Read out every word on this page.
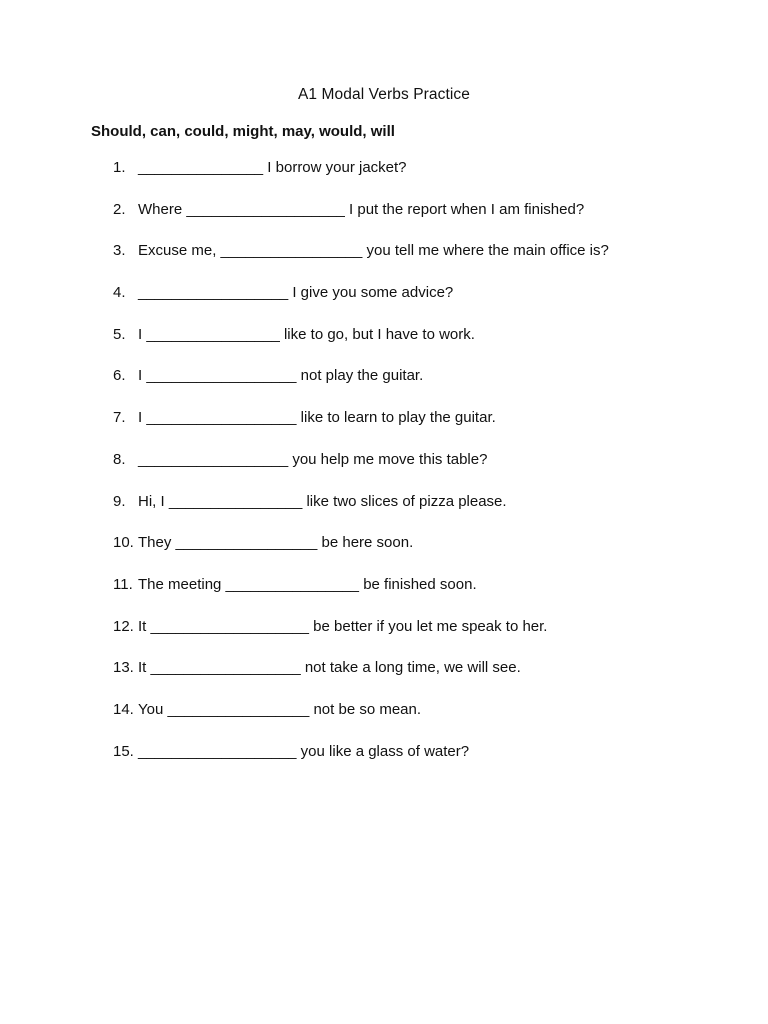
A1 Modal Verbs Practice
Should, can, could, might, may, would, will
1. _______________ I borrow your jacket?
2. Where ___________________ I put the report when I am finished?
3. Excuse me, _________________ you tell me where the main office is?
4. __________________ I give you some advice?
5. I ________________ like to go, but I have to work.
6. I __________________ not play the guitar.
7. I __________________ like to learn to play the guitar.
8. __________________ you help me move this table?
9. Hi, I ________________ like two slices of pizza please.
10. They _________________ be here soon.
11. The meeting ________________ be finished soon.
12. It ___________________ be better if you let me speak to her.
13. It __________________ not take a long time, we will see.
14. You _________________ not be so mean.
15. ___________________ you like a glass of water?
